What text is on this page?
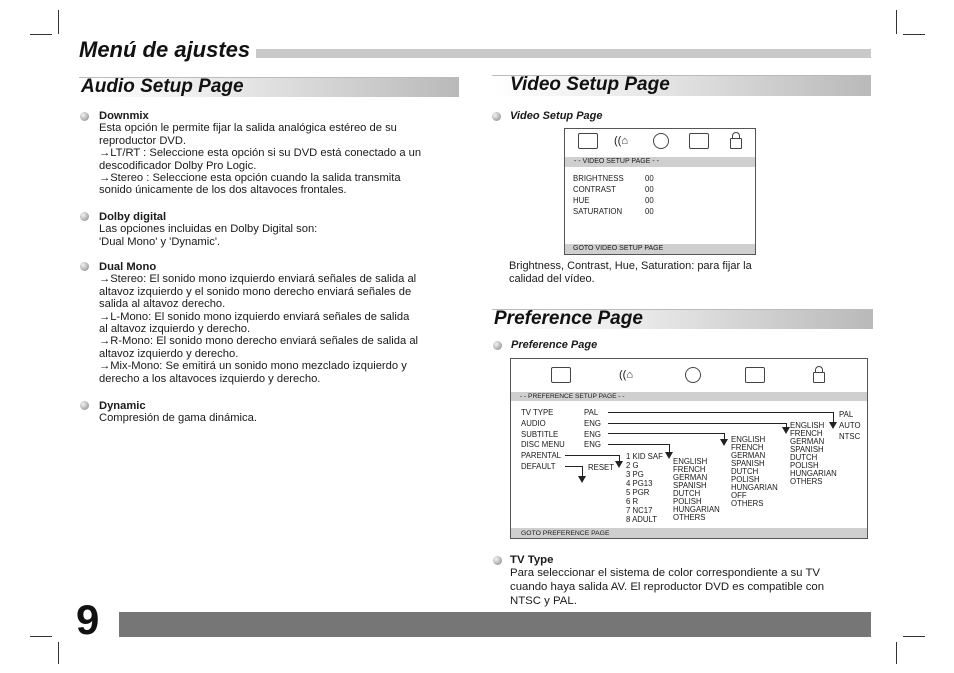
Menú de ajustes
Audio Setup Page
Downmix
Esta opción le permite fijar la salida analógica estéreo de su
reproductor DVD.
→LT/RT : Seleccione esta opción si su DVD está conectado a un
descodificador Dolby Pro Logic.
→Stereo : Seleccione esta opción cuando la salida transmita
sonido únicamente de los dos altavoces frontales.
Dolby digital
Las opciones incluidas en Dolby Digital son:
'Dual Mono' y 'Dynamic'.
Dual Mono
→Stereo: El sonido mono izquierdo enviará señales de salida al
altavoz izquierdo y el sonido mono derecho enviará señales de
salida al altavoz derecho.
→L-Mono: El sonido mono izquierdo enviará señales de salida
al altavoz izquierdo y derecho.
→R-Mono: El sonido mono derecho enviará señales de salida al
altavoz izquierdo y derecho.
→Mix-Mono: Se emitirá un sonido mono mezclado izquierdo y
derecho a los altavoces izquierdo y derecho.
Dynamic
Compresión de gama dinámica.
Video Setup Page
Video Setup Page
((⌂
- - VIDEO SETUP PAGE - -
BRIGHTNESS	00
CONTRAST	00
HUE	00
SATURATION	00
GOTO VIDEO SETUP PAGE
Brightness, Contrast, Hue, Saturation: para fijar la
calidad del vídeo.
Preference Page
Preference Page
((⌂
- - PREFERENCE SETUP PAGE - -
TV TYPE	PAL
AUDIO	ENG
SUBTITLE	ENG
DISC MENU ENG
PARENTAL
DEFAULT	RESET
1 KID SAF
2 G
3 PG
4 PG13
5 PGR
6 R
7 NC17
8 ADULT
ENGLISH
FRENCH
GERMAN
SPANISH
DUTCH
POLISH
HUNGARIAN
OTHERS
ENGLISH
FRENCH
GERMAN
SPANISH
DUTCH
POLISH
HUNGARIAN
OFF
OTHERS
ENGLISH
FRENCH
GERMAN
SPANISH
DUTCH
POLISH
HUNGARIAN
OTHERS
PAL
AUTO
NTSC
GOTO PREFERENCE PAGE
TV Type
Para seleccionar el sistema de color correspondiente a su TV
cuando haya salida AV. El reproductor DVD es compatible con
NTSC y PAL.
9
